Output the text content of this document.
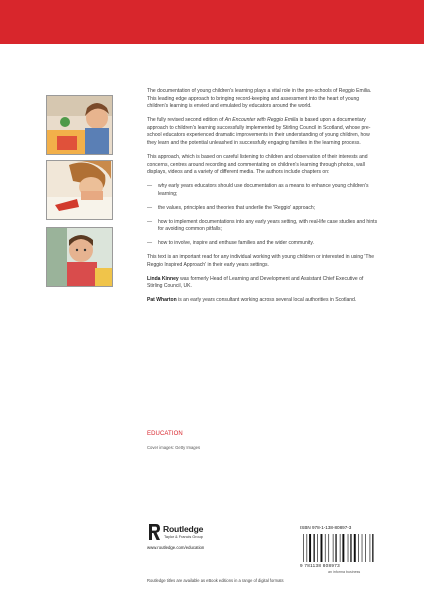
The documentation of young children's learning plays a vital role in the pre-schools of Reggio Emilia. This leading edge approach to bringing record-keeping and assessment into the heart of young children's learning is envied and emulated by educators around the world.

The fully revised second edition of An Encounter with Reggio Emilia is based upon a documentary approach to children's learning successfully implemented by Stirling Council in Scotland, whose pre-school educators experienced dramatic improvements in their understanding of young children, how they learn and the potential unleashed in successfully engaging families in the learning process.

This approach, which is based on careful listening to children and observation of their interests and concerns, centres around recording and commentating on children's learning through photos, wall displays, videos and a variety of different media. The authors include chapters on:

—	why early years educators should use documentation as a means to enhance young children's learning;
—	the values, principles and theories that underlie the 'Reggio' approach;
—	how to implement documentations into any early years setting, with real-life case studies and hints for avoiding common pitfalls;
—	how to involve, inspire and enthuse families and the wider community.

This text is an important read for any individual working with young children or interested in using 'The Reggio Inspired Approach' in their early years settings.

Linda Kinney was formerly Head of Learning and Development and Assistant Chief Executive of Stirling Council, UK.

Pat Wharton is an early years consultant working across several local authorities in Scotland.

EDUCATION
Cover images: Getty Images
Routledge
Taylor & Francis Group
www.routledge.com/education
Routledge titles are available as eBook editions in a range of digital formats
ISBN 978-1-138-80897-3
9 781138 808973
an informa business
